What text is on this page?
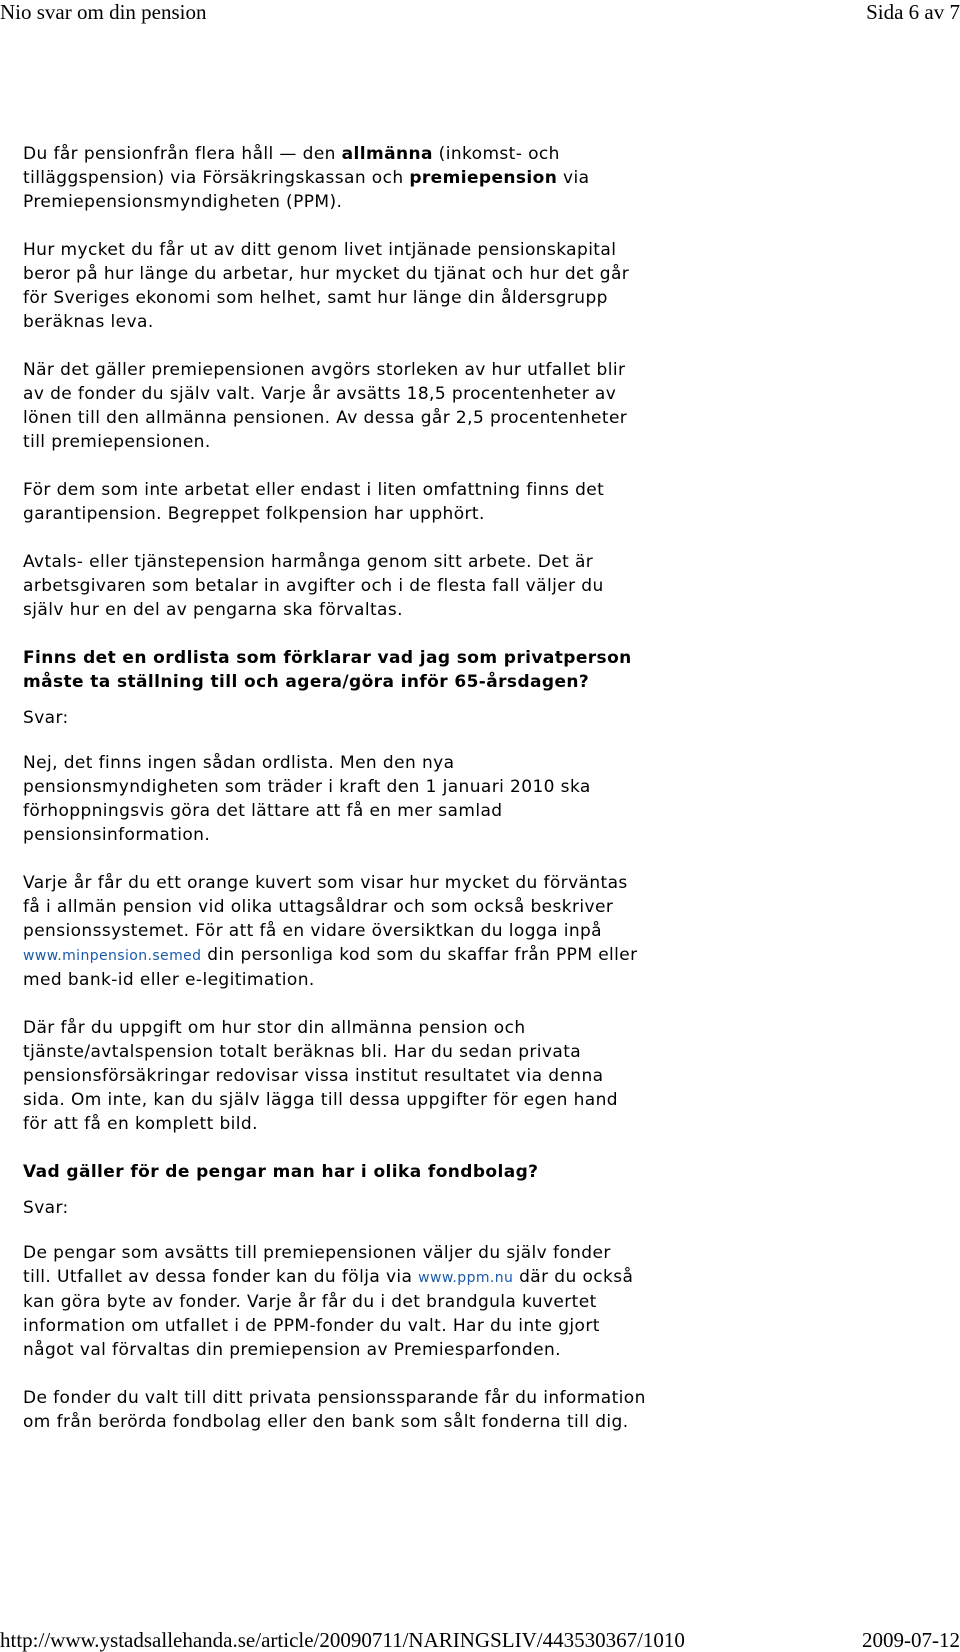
Nio svar om din pension	Sida 6 av 7
Du får pensionfrån flera håll — den allmänna (inkomst- och
tilläggspension) via Försäkringskassan och premiepension via
Premiepensionsmyndigheten (PPM).
Hur mycket du får ut av ditt genom livet intjänade pensionskapital
beror på hur länge du arbetar, hur mycket du tjänat och hur det går
för Sveriges ekonomi som helhet, samt hur länge din åldersgrupp
beräknas leva.
När det gäller premiepensionen avgörs storleken av hur utfallet blir
av de fonder du själv valt. Varje år avsätts 18,5 procentenheter av
lönen till den allmänna pensionen. Av dessa går 2,5 procentenheter
till premiepensionen.
För dem som inte arbetat eller endast i liten omfattning finns det
garantipension. Begreppet folkpension har upphört.
Avtals- eller tjänstepension harmånga genom sitt arbete. Det är
arbetsgivaren som betalar in avgifter och i de flesta fall väljer du
själv hur en del av pengarna ska förvaltas.
Finns det en ordlista som förklarar vad jag som privatperson
måste ta ställning till och agera/göra inför 65-årsdagen?
Svar:
Nej, det finns ingen sådan ordlista. Men den nya
pensionsmyndigheten som träder i kraft den 1 januari 2010 ska
förhoppningsvis göra det lättare att få en mer samlad
pensionsinformation.
Varje år får du ett orange kuvert som visar hur mycket du förväntas
få i allmän pension vid olika uttagsåldrar och som också beskriver
pensionssystemet. För att få en vidare översiktkan du logga inpå
www.minpension.semed din personliga kod som du skaffar från PPM eller
med bank-id eller e-legitimation.
Där får du uppgift om hur stor din allmänna pension och
tjänste/avtalspension totalt beräknas bli. Har du sedan privata
pensionsförsäkringar redovisar vissa institut resultatet via denna
sida. Om inte, kan du själv lägga till dessa uppgifter för egen hand
för att få en komplett bild.
Vad gäller för de pengar man har i olika fondbolag?
Svar:
De pengar som avsätts till premiepensionen väljer du själv fonder
till. Utfallet av dessa fonder kan du följa via www.ppm.nu där du också
kan göra byte av fonder. Varje år får du i det brandgula kuvertet
information om utfallet i de PPM-fonder du valt. Har du inte gjort
något val förvaltas din premiepension av Premiesparfonden.
De fonder du valt till ditt privata pensionssparande får du information
om från berörda fondbolag eller den bank som sålt fonderna till dig.
http://www.ystadsallehanda.se/article/20090711/NARINGSLIV/443530367/1010	2009-07-12
